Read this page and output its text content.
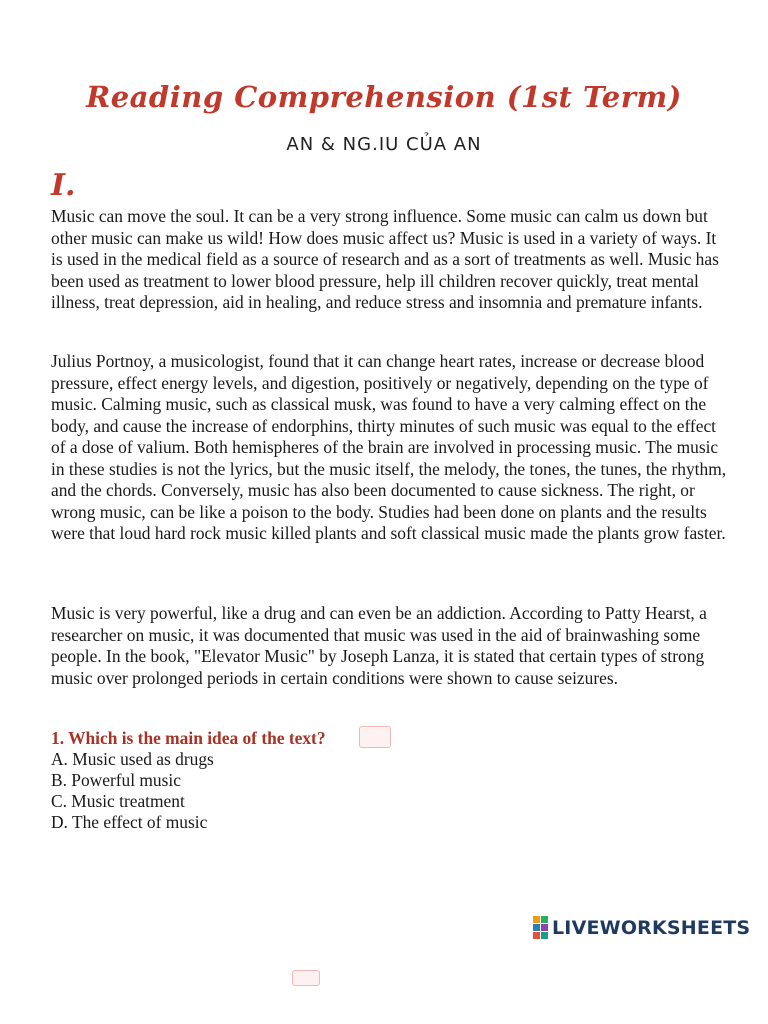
Reading Comprehension (1st Term)
AN & NG.IU CỦA AN
I.

Music can move the soul. It can be a very strong influence. Some music can calm us down but other music can make us wild! How does music affect us? Music is used in a variety of ways. It is used in the medical field as a source of research and as a sort of treatments as well. Music has been used as treatment to lower blood pressure, help ill children recover quickly, treat mental illness, treat depression, aid in healing, and reduce stress and insomnia and premature infants.

Julius Portnoy, a musicologist, found that it can change heart rates, increase or decrease blood pressure, effect energy levels, and digestion, positively or negatively, depending on the type of music. Calming music, such as classical musk, was found to have a very calming effect on the body, and cause the increase of endorphins, thirty minutes of such music was equal to the effect of a dose of valium. Both hemispheres of the brain are involved in processing music. The music in these studies is not the lyrics, but the music itself, the melody, the tones, the tunes, the rhythm, and the chords. Conversely, music has also been documented to cause sickness. The right, or wrong music, can be like a poison to the body. Studies had been done on plants and the results were that loud hard rock music killed plants and soft classical music made the plants grow faster.

Music is very powerful, like a drug and can even be an addiction. According to Patty Hearst, a researcher on music, it was documented that music was used in the aid of brainwashing some people. In the book, "Elevator Music" by Joseph Lanza, it is stated that certain types of strong music over prolonged periods in certain conditions were shown to cause seizures.

1. Which is the main idea of the text?
A. Music used as drugs
B. Powerful music
C. Music treatment
D. The effect of music
LIVEWORKSHEETS
